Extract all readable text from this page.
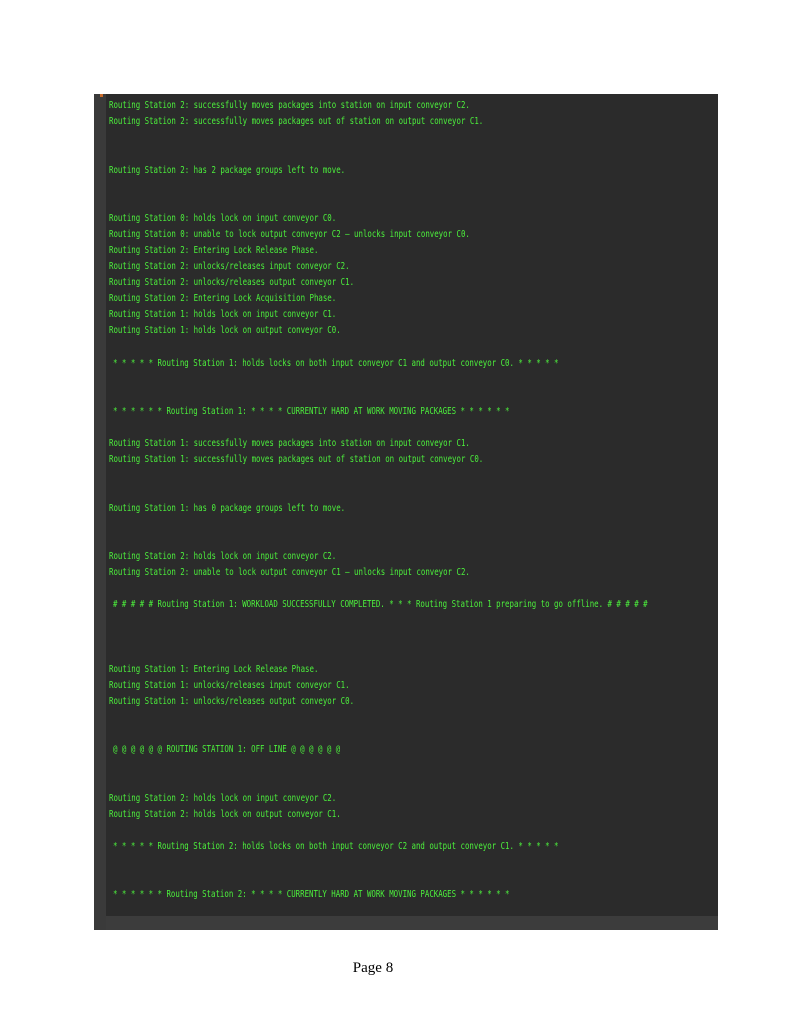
Routing Station 2: successfully moves packages into station on input conveyor C2.
Routing Station 2: successfully moves packages out of station on output conveyor C1.
Routing Station 2: has 2 package groups left to move.
Routing Station 0: holds lock on input conveyor C0.
Routing Station 0: unable to lock output conveyor C2 – unlocks input conveyor C0.
Routing Station 2: Entering Lock Release Phase.
Routing Station 2: unlocks/releases input conveyor C2.
Routing Station 2: unlocks/releases output conveyor C1.
Routing Station 2: Entering Lock Acquisition Phase.
Routing Station 1: holds lock on input conveyor C1.
Routing Station 1: holds lock on output conveyor C0.
* * * * * Routing Station 1: holds locks on both input conveyor C1 and output conveyor C0. * * * * *
* * * * * * Routing Station 1: * * * * CURRENTLY HARD AT WORK MOVING PACKAGES * * * * * *
Routing Station 1: successfully moves packages into station on input conveyor C1.
Routing Station 1: successfully moves packages out of station on output conveyor C0.
Routing Station 1: has 0 package groups left to move.
Routing Station 2: holds lock on input conveyor C2.
Routing Station 2: unable to lock output conveyor C1 – unlocks input conveyor C2.
# # # # # Routing Station 1: WORKLOAD SUCCESSFULLY COMPLETED. * * * Routing Station 1 preparing to go offline. # # # # #
Routing Station 1: Entering Lock Release Phase.
Routing Station 1: unlocks/releases input conveyor C1.
Routing Station 1: unlocks/releases output conveyor C0.
@ @ @ @ @ @ ROUTING STATION 1: OFF LINE @ @ @ @ @ @
Routing Station 2: holds lock on input conveyor C2.
Routing Station 2: holds lock on output conveyor C1.
* * * * * Routing Station 2: holds locks on both input conveyor C2 and output conveyor C1. * * * * *
* * * * * * Routing Station 2: * * * * CURRENTLY HARD AT WORK MOVING PACKAGES * * * * * *
Page 8
